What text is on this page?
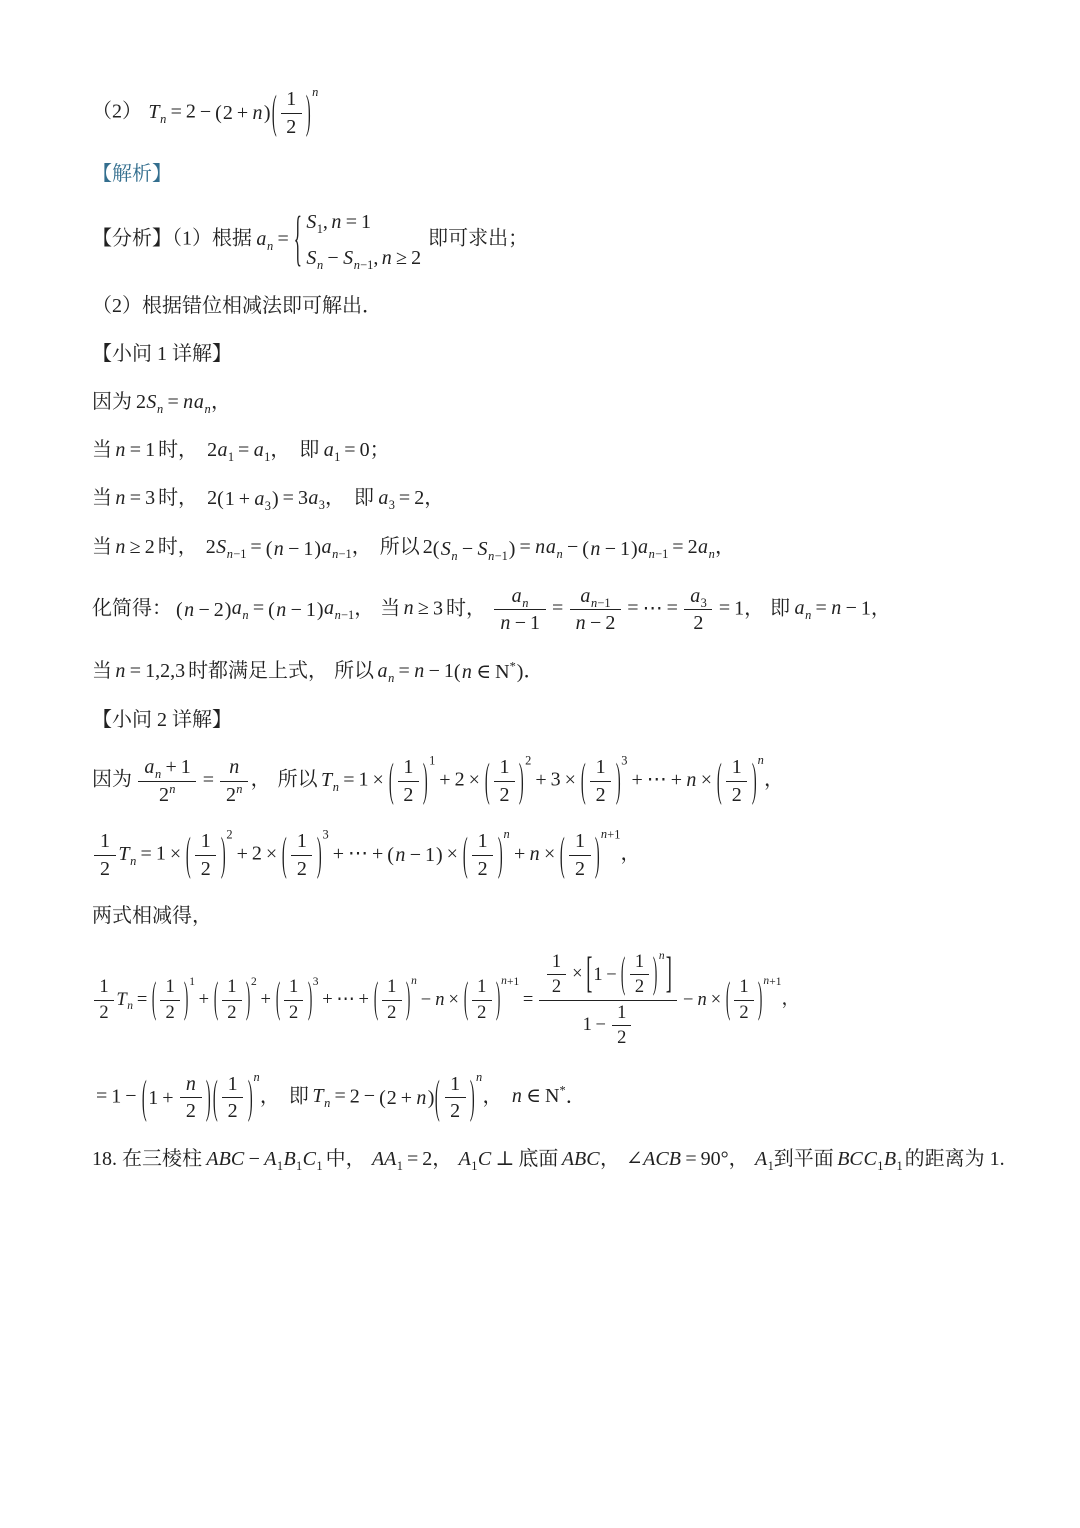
（2） $T_n = 2$ − ( 2 + n ) ( $\frac{1}{2}$ ) $^n$
【解析】
【分析】（1）根据 $a_n$ = { $S_1$, n = 1
$S_n - S_{n-1}$, n ≥ 2
即可求出；
（2）根据错位相减法即可解出．
【小问 1 详解】
因为 $2S_n = na_n$，
当 n = 1 时， $2a_1 = a_1$， 即 $a_1 = 0$；
当 n = 3 时， 2 ( $1 + a_3$ ) = $3a_3$， 即 $a_3 = 2$，
当 n ≥ 2 时， $2S_{n-1}$ = ( n − 1 ) $a_{n-1}$， 所以 2 ( $S_n - S_{n-1}$ ) = $na_n$ − ( n − 1 ) $a_{n-1} = 2a_n$，
化简得： ( n − 2 ) $a_n$ = ( n − 1 ) $a_{n-1}$， 当 n ≥ 3 时， $\frac{a_n}{n - 1} = \frac{a_{n-1}}{n - 2}$ = ⋯ = $\frac{a_3}{2} = 1$， 即 $a_n = n - 1$，
当 n = 1,2,3 时都满足上式， 所以 $a_n = n - 1$ ( n ∈ N* ) ．
【小问 2 详解】
因为 $\frac{a_n + 1}{2^n} = \frac{n}{2^n}$ ， 所以 $T_n = 1$ × ( $\frac{1}{2}$ ) $^1$+ 2 × ( $\frac{1}{2}$ ) $^2$+ 3 × ( $\frac{1}{2}$ ) $^3$+ ⋯ + n × ( $\frac{1}{2}$ ) $^n$，
$\frac{1}{2} T_n = 1$ × ( $\frac{1}{2}$ ) $^2$+ 2 × ( $\frac{1}{2}$ ) $^3$+ ⋯ + ( n − 1 ) × ( $\frac{1}{2}$ ) $^n$+ n × ( $\frac{1}{2}$ ) $^{n+1}$，
两式相减得，
$\frac{1}{2} T_n$ = ( $\frac{1}{2}$ ) $^1$+ ( $\frac{1}{2}$ ) $^2$+ ( $\frac{1}{2}$ ) $^3$+ ⋯ + ( $\frac{1}{2}$ ) $^n$− n × ( $\frac{1}{2}$ ) $^{n+1}= \frac{\frac{1}{2} \times [ 1 - ( \frac{1}{2} ) ^n ]}{1 - \frac{1}{2}} - n$ × ( $\frac{1}{2}$ ) $^{n+1}$，
= 1 − ( $1 + \frac{n}{2}$ ) ( $\frac{1}{2}$ ) $^n$， 即 $T_n = 2$ − ( 2 + n ) ( $\frac{1}{2}$ ) $^n$， n ∈ N*．
18. 在三棱柱 ABC − $A_1B_1C_1$ 中， $AA_1 = 2$， $A_1C$ ⊥ 底面 ABC， ∠ACB = 90°， $A_1$到平面 $BCC_1B_1$ 的距离为 1.
